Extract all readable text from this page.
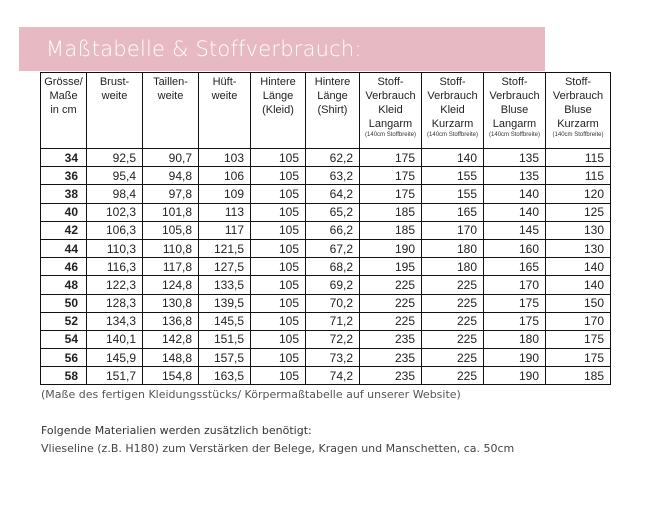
Maßtabelle & Stoffverbrauch:
Grösse/
Maße
in cm	Brust-
weite	Taillen-
weite	Hüft-
weite	Hintere
Länge
(Kleid)	Hintere
Länge
(Shirt)	Stoff-
Verbrauch
Kleid
Langarm
(140cm Stoffbreite)	Stoff-
Verbrauch
Kleid
Kurzarm
(140cm Stoffbreite)	Stoff-
Verbrauch
Bluse
Langarm
(140cm Stoffbreite)	Stoff-
Verbrauch
Bluse
Kurzarm
(140cm Stoffbreite)

34	92,5	90,7	103	105	62,2	175	140	135	115
36	95,4	94,8	106	105	63,2	175	155	135	115
38	98,4	97,8	109	105	64,2	175	155	140	120
40	102,3	101,8	113	105	65,2	185	165	140	125
42	106,3	105,8	117	105	66,2	185	170	145	130
44	110,3	110,8	121,5	105	67,2	190	180	160	130
46	116,3	117,8	127,5	105	68,2	195	180	165	140
48	122,3	124,8	133,5	105	69,2	225	225	170	140
50	128,3	130,8	139,5	105	70,2	225	225	175	150
52	134,3	136,8	145,5	105	71,2	225	225	175	170
54	140,1	142,8	151,5	105	72,2	235	225	180	175
56	145,9	148,8	157,5	105	73,2	235	225	190	175
58	151,7	154,8	163,5	105	74,2	235	225	190	185
(Maße des fertigen Kleidungsstücks/ Körpermaßtabelle auf unserer Website)
Folgende Materialien werden zusätzlich benötigt:
Vlieseline (z.B. H180) zum Verstärken der Belege, Kragen und Manschetten, ca. 50cm
